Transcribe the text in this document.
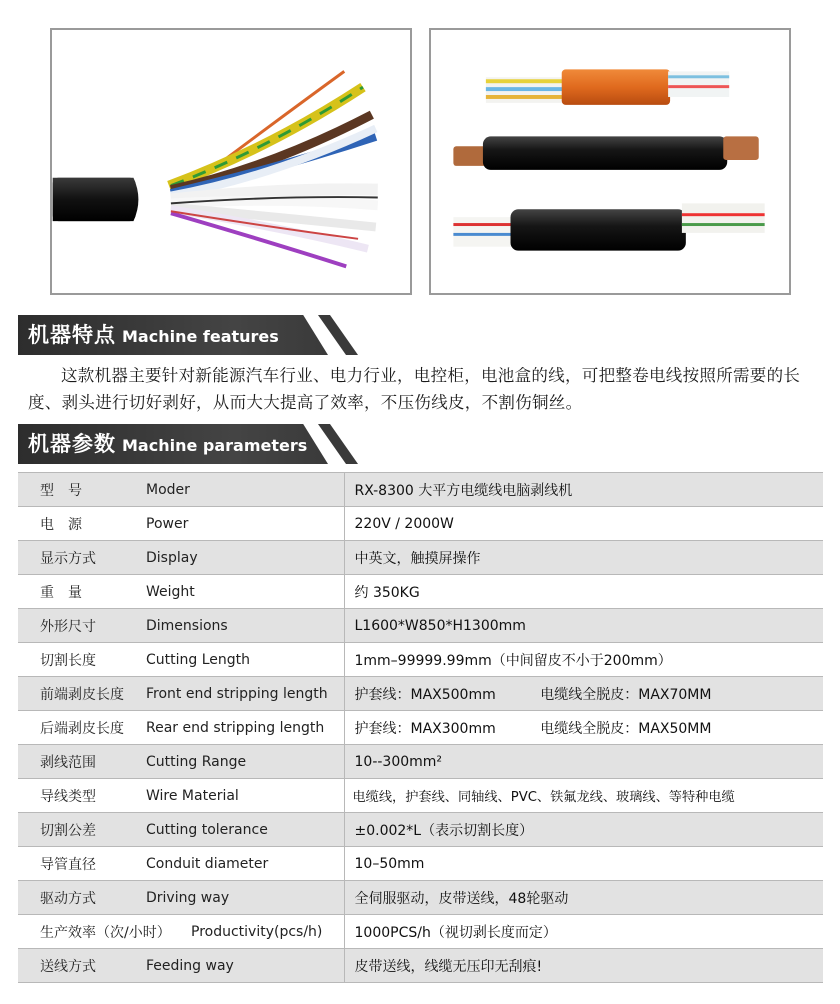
机器特点 Machine features

这款机器主要针对新能源汽车行业、电力行业，电控柜，电池盒的线，可把整卷电线按照所需要的长度、剥头进行切好剥好，从而大大提高了效率，不压伤线皮，不割伤铜丝。

机器参数 Machine parameters
型　号	Moder	RX-8300 大平方电缆线电脑剥线机
电　源	Power	220V / 2000W
显示方式	Display	中英文，触摸屏操作
重　量	Weight	约 350KG
外形尺寸	Dimensions	L1600*W850*H1300mm
切割长度	Cutting Length	1mm–99999.99mm（中间留皮不小于200mm）
前端剥皮长度	Front end stripping length	护套线：MAX500mm          电缆线全脱皮：MAX70MM
后端剥皮长度	Rear end stripping length	护套线：MAX300mm          电缆线全脱皮：MAX50MM
剥线范围	Cutting Range	10--300mm²
导线类型	Wire Material	电缆线，护套线、同轴线、PVC、铁氟龙线、玻璃线、等特种电缆
切割公差	Cutting tolerance	±0.002*L（表示切割长度）
导管直径	Conduit diameter	10–50mm
驱动方式	Driving way	全伺服驱动，皮带送线，48轮驱动
生产效率（次/小时）	Productivity(pcs/h)	1000PCS/h（视切剥长度而定）
送线方式	Feeding way	皮带送线，线缆无压印无刮痕!
